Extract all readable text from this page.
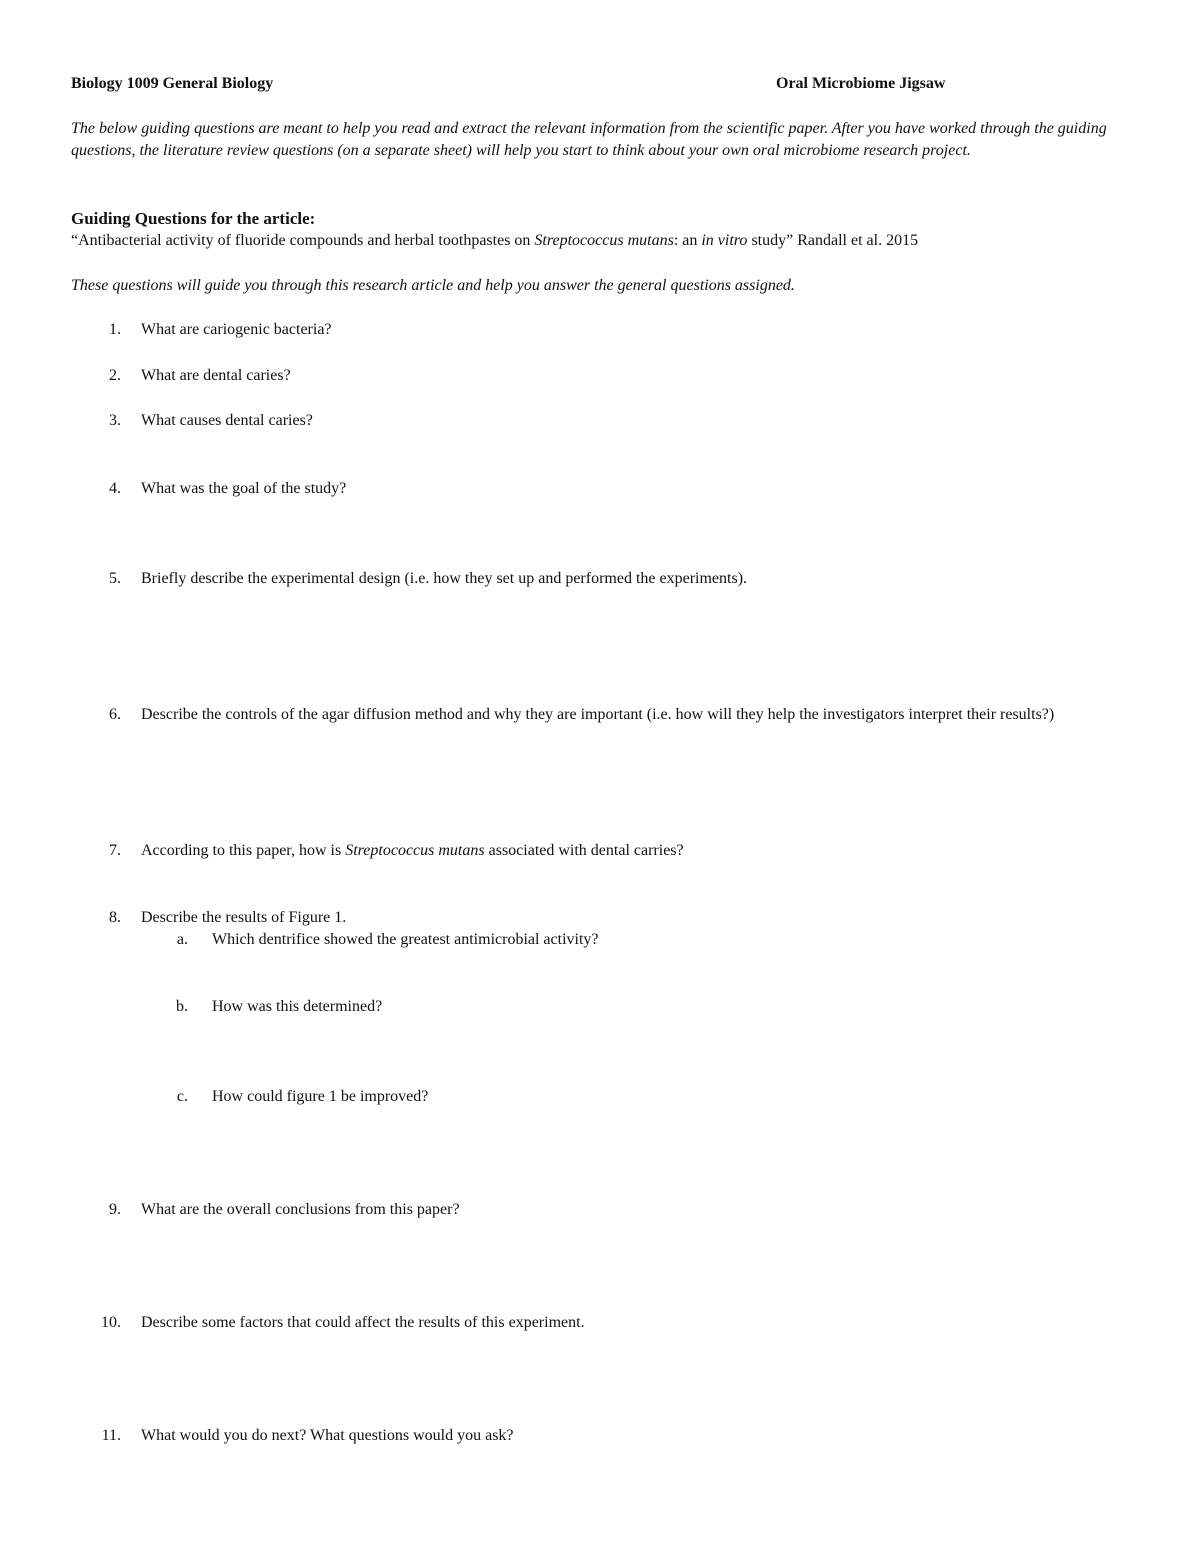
Biology 1009 General Biology	Oral Microbiome Jigsaw
The below guiding questions are meant to help you read and extract the relevant information from the scientific paper. After you have worked through the guiding questions, the literature review questions (on a separate sheet) will help you start to think about your own oral microbiome research project.
Guiding Questions for the article:
“Antibacterial activity of fluoride compounds and herbal toothpastes on Streptococcus mutans: an in vitro study” Randall et al. 2015
These questions will guide you through this research article and help you answer the general questions assigned.
1. What are cariogenic bacteria?
2. What are dental caries?
3. What causes dental caries?
4. What was the goal of the study?
5. Briefly describe the experimental design (i.e. how they set up and performed the experiments).
6. Describe the controls of the agar diffusion method and why they are important (i.e. how will they help the investigators interpret their results?)
7. According to this paper, how is Streptococcus mutans associated with dental carries?
8. Describe the results of Figure 1.
a. Which dentrifice showed the greatest antimicrobial activity?
b. How was this determined?
c. How could figure 1 be improved?
9. What are the overall conclusions from this paper?
10. Describe some factors that could affect the results of this experiment.
11. What would you do next? What questions would you ask?
